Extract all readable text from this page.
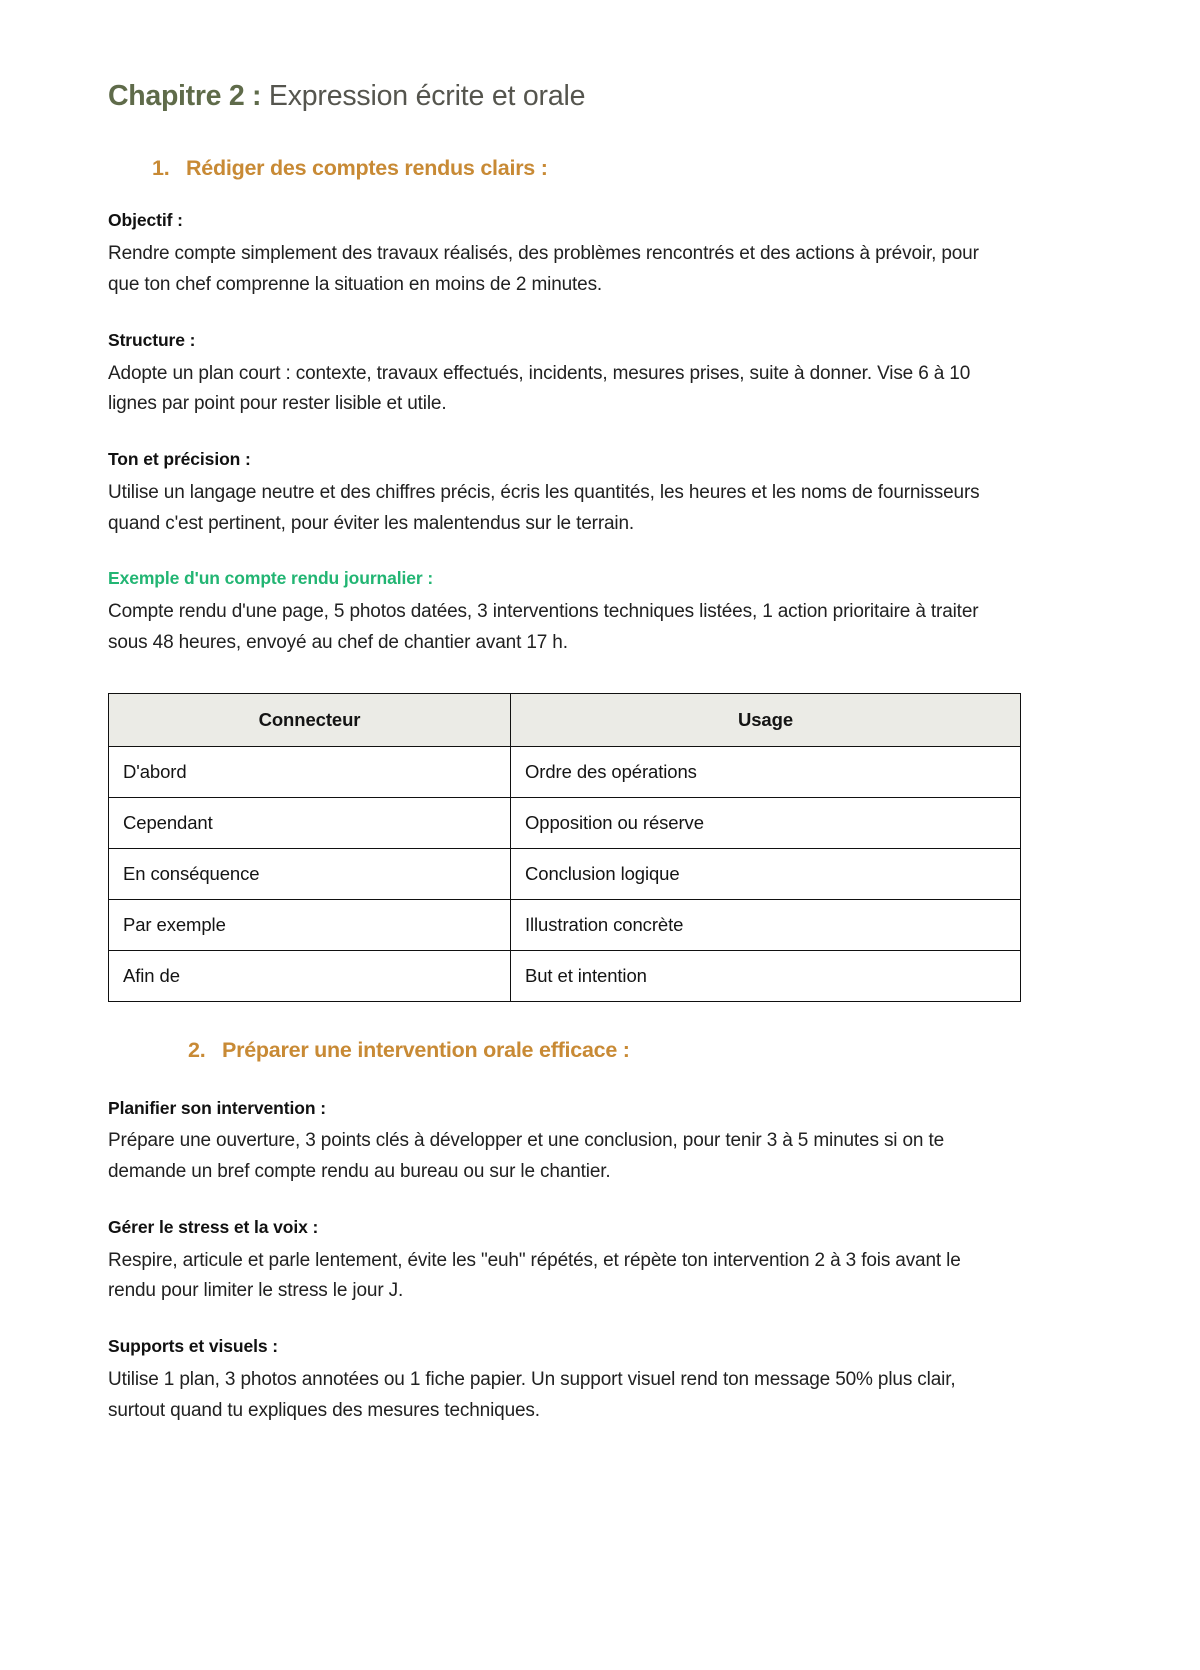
Chapitre 2 : Expression écrite et orale
1. Rédiger des comptes rendus clairs :
Objectif :

Rendre compte simplement des travaux réalisés, des problèmes rencontrés et des actions à prévoir, pour que ton chef comprenne la situation en moins de 2 minutes.

Structure :

Adopte un plan court : contexte, travaux effectués, incidents, mesures prises, suite à donner. Vise 6 à 10 lignes par point pour rester lisible et utile.

Ton et précision :

Utilise un langage neutre et des chiffres précis, écris les quantités, les heures et les noms de fournisseurs quand c'est pertinent, pour éviter les malentendus sur le terrain.

Exemple d'un compte rendu journalier :

Compte rendu d'une page, 5 photos datées, 3 interventions techniques listées, 1 action prioritaire à traiter sous 48 heures, envoyé au chef de chantier avant 17 h.

Connecteur	Usage
D'abord	Ordre des opérations
Cependant	Opposition ou réserve
En conséquence	Conclusion logique
Par exemple	Illustration concrète
Afin de	But et intention
2. Préparer une intervention orale efficace :
Planifier son intervention :

Prépare une ouverture, 3 points clés à développer et une conclusion, pour tenir 3 à 5 minutes si on te demande un bref compte rendu au bureau ou sur le chantier.

Gérer le stress et la voix :

Respire, articule et parle lentement, évite les "euh" répétés, et répète ton intervention 2 à 3 fois avant le rendu pour limiter le stress le jour J.

Supports et visuels :

Utilise 1 plan, 3 photos annotées ou 1 fiche papier. Un support visuel rend ton message 50% plus clair, surtout quand tu expliques des mesures techniques.
